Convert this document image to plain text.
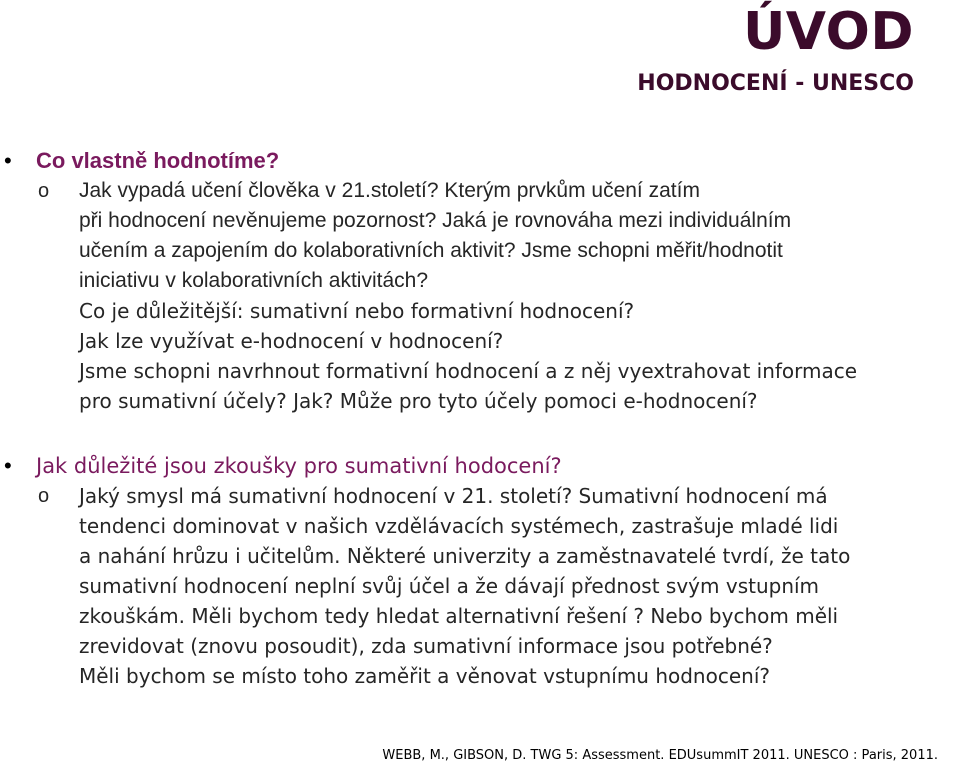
ÚVOD
HODNOCENÍ - UNESCO
• Co vlastně hodnotíme?
o Jak vypadá učení člověka v 21.století? Kterým prvkům učení zatím
při hodnocení nevěnujeme pozornost? Jaká je rovnováha mezi individuálním
učením a zapojením do kolaborativních aktivit? Jsme schopni měřit/hodnotit
iniciativu v kolaborativních aktivitách?
Co je důležitější: sumativní nebo formativní hodnocení?
Jak lze využívat e-hodnocení v hodnocení?
Jsme schopni navrhnout formativní hodnocení a z něj vyextrahovat informace
pro sumativní účely? Jak? Může pro tyto účely pomoci e-hodnocení?
• Jak důležité jsou zkoušky pro sumativní hodocení?
o Jaký smysl má sumativní hodnocení v 21. století? Sumativní hodnocení má
tendenci dominovat v našich vzdělávacích systémech, zastrašuje mladé lidi
a nahání hrůzu i učitelům. Některé univerzity a zaměstnavatelé tvrdí, že tato
sumativní hodnocení neplní svůj účel a že dávají přednost svým vstupním
zkouškám. Měli bychom tedy hledat alternativní řešení ? Nebo bychom měli
zrevidovat (znovu posoudit), zda sumativní informace jsou potřebné?
Měli bychom se místo toho zaměřit a věnovat vstupnímu hodnocení?
WEBB, M., GIBSON, D. TWG 5: Assessment. EDUsummIT 2011. UNESCO : Paris, 2011.
